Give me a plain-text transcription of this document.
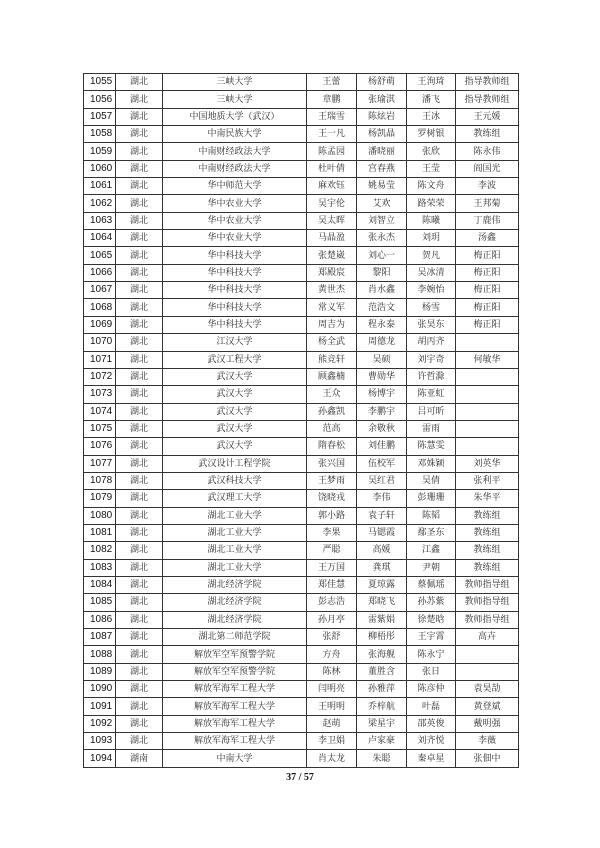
1055	湖北	三峡大学	王蕾	杨舒萌	王洵琦	指导教师组
1056	湖北	三峡大学	章鹏	张瑜淇	潘飞	指导教师组
1057	湖北	中国地质大学（武汉）	王瑞雪	陈炫岩	王冰	王元媛
1058	湖北	中南民族大学	王一凡	杨凯晶	罗树银	教练组
1059	湖北	中南财经政法大学	陈孟园	潘晓丽	张欣	陈永伟
1060	湖北	中南财经政法大学	杜叶倩	宫春燕	王莹	阎国光
1061	湖北	华中师范大学	麻欢钰	姚易莹	陈文舟	李波
1062	湖北	华中农业大学	吴宇伦	艾欢	路荣荣	王邦菊
1063	湖北	华中农业大学	吴太晖	刘智立	陈曦	丁鹿伟
1064	湖北	华中农业大学	马晶盈	张永杰	刘玥	汤鑫
1065	湖北	华中科技大学	张楚崴	刘心一	贺凡	梅正阳
1066	湖北	华中科技大学	郑殿宸	黎阳	吴冰清	梅正阳
1067	湖北	华中科技大学	黄世杰	肖水鑫	李婉怡	梅正阳
1068	湖北	华中科技大学	常义军	范浩文	杨雪	梅正阳
1069	湖北	华中科技大学	周吉为	程永泰	张昊东	梅正阳
1070	湖北	江汉大学	杨全武	周德龙	胡丙齐	
1071	湖北	武汉工程大学	熊竞轩	吴硕	刘宇奇	何敏华
1072	湖北	武汉大学	顾鑫楠	曹勋华	许哲滁	
1073	湖北	武汉大学	王众	杨博宇	陈亚虹	
1074	湖北	武汉大学	孙鑫凯	李鹏宇	吕可昕	
1075	湖北	武汉大学	范高	余敬秋	雷雨	
1076	湖北	武汉大学	隋春松	刘佳鹏	陈慧雯	
1077	湖北	武汉设计工程学院	张兴国	伍校军	邓姝颖	刘英华
1078	湖北	武汉科技大学	王梦雨	吴红君	吴倩	张利平
1079	湖北	武汉理工大学	饶晓戎	李伟	彭珊珊	朱华平
1080	湖北	湖北工业大学	郭小路	袁子轩	陈韬	教练组
1081	湖北	湖北工业大学	李果	马锶霞	鄢圣东	教练组
1082	湖北	湖北工业大学	严聪	高媛	江鑫	教练组
1083	湖北	湖北工业大学	王万国	龚琪	尹朝	教练组
1084	湖北	湖北经济学院	郑佳慧	夏琼露	蔡佩瑶	教师指导组
1085	湖北	湖北经济学院	彭志浩	郑晓飞	孙苏紫	教师指导组
1086	湖北	湖北经济学院	孙月亭	雷紫娟	徐楚晗	教师指导组
1087	湖北	湖北第二师范学院	张舒	柳梧彤	王宇霄	高卉
1088	湖北	解放军空军预警学院	方舟	张海舰	陈永宁	
1089	湖北	解放军空军预警学院	陈林	董胜含	张日	
1090	湖北	解放军海军工程大学	闫明亮	孙雅萍	陈彦仲	袁昊劼
1091	湖北	解放军海军工程大学	王明明	乔梓航	叶磊	黄登斌
1092	湖北	解放军海军工程大学	赵萌	梁星宇	邵英俊	戴明强
1093	湖北	解放军海军工程大学	李卫娟	卢家豪	刘齐悦	李薇
1094	湖南	中南大学	肖太龙	朱聪	秦卓星	张佃中
37 / 57
